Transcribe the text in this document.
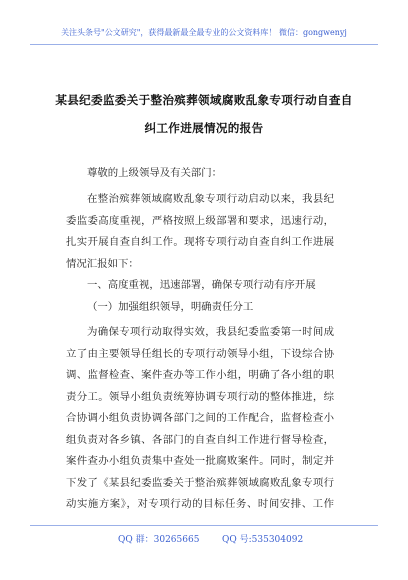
关注头条号"公文研究"，获得最新最全最专业的公文资料库！ 微信：gongwenyj
某县纪委监委关于整治殡葬领域腐败乱象专项行动自查自
纠工作进展情况的报告
尊敬的上级领导及有关部门：
在整治殡葬领域腐败乱象专项行动启动以来，我县纪
委监委高度重视，严格按照上级部署和要求，迅速行动，
扎实开展自查自纠工作。现将专项行动自查自纠工作进展
情况汇报如下：
一、高度重视，迅速部署，确保专项行动有序开展
（一）加强组织领导，明确责任分工
为确保专项行动取得实效，我县纪委监委第一时间成
立了由主要领导任组长的专项行动领导小组，下设综合协
调、监督检查、案件查办等工作小组，明确了各小组的职
责分工。领导小组负责统筹协调专项行动的整体推进，综
合协调小组负责协调各部门之间的工作配合，监督检查小
组负责对各乡镇、各部门的自查自纠工作进行督导检查，
案件查办小组负责集中查处一批腐败案件。同时，制定并
下发了《某县纪委监委关于整治殡葬领域腐败乱象专项行
动实施方案》，对专项行动的目标任务、时间安排、工作
QQ 群：30265665	QQ 号:535304092
